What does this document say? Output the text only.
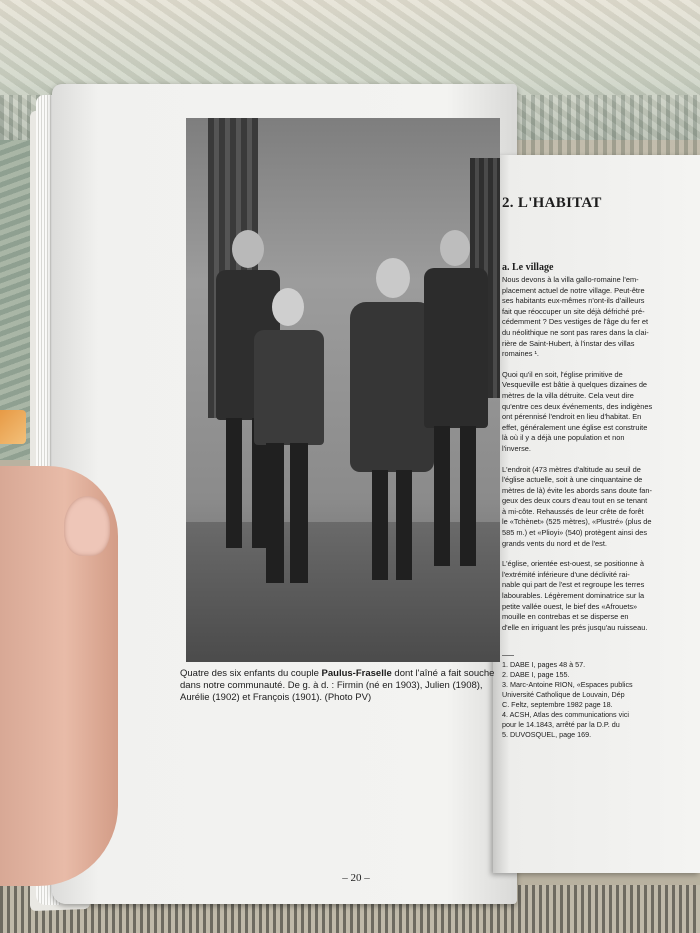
Quatre des six enfants du couple Paulus-Fraselle dont l'aîné a fait souche dans notre communauté. De g. à d. : Firmin (né en 1903), Julien (1908), Aurélie (1902) et François (1901). (Photo PV)
– 20 –
2. L'HABITAT
a. Le village
Nous devons à la villa gallo-romaine l'em-
placement actuel de notre village. Peut-être
ses habitants eux-mêmes n'ont-ils d'ailleurs
fait que réoccuper un site déjà défriché pré-
cédemment ? Des vestiges de l'âge du fer et
du néolithique ne sont pas rares dans la clai-
rière de Saint-Hubert, à l'instar des villas
romaines ¹.
Quoi qu'il en soit, l'église primitive de
Vesqueville est bâtie à quelques dizaines de
mètres de la villa détruite. Cela veut dire
qu'entre ces deux événements, des indigènes
ont pérennisé l'endroit en lieu d'habitat. En
effet, généralement une église est construite
là où il y a déjà une population et non
l'inverse.
L'endroit (473 mètres d'altitude au seuil de
l'église actuelle, soit à une cinquantaine de
mètres de là) évite les abords sans doute fan-
geux des deux cours d'eau tout en se tenant
à mi-côte. Rehaussés de leur crête de forêt
le «Tchènet» (525 mètres), «Plustré» (plus de
585 m.) et «Plioyi» (540) protègent ainsi des
grands vents du nord et de l'est.
L'église, orientée est-ouest, se positionne à
l'extrémité inférieure d'une déclivité rai-
nable qui part de l'est et regroupe les terres
labourables. Légèrement dominatrice sur la
petite vallée ouest, le bief des «Afrouets»
mouille en contrebas et se disperse en
d'elle en irriguant les prés jusqu'au ruisseau.
1. DABE I, pages 48 à 57.
2. DABE I, page 155.
3. Marc-Antoine RION, «Espaces publics
Université Catholique de Louvain, Dép
C. Feltz, septembre 1982 page 18.
4. ACSH, Atlas des communications vici
pour le 14.1843, arrêté par la D.P. du
5. DUVOSQUEL, page 169.
